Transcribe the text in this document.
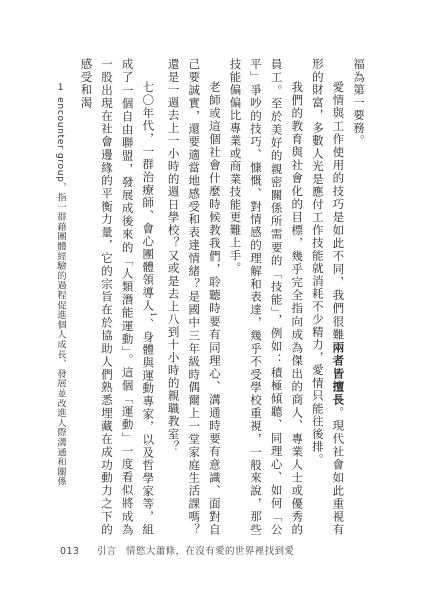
福為第一要務。

愛情與工作使用的技巧是如此不同，我們很難兩者皆擅長。現代社會如此重視有形的財富，多數人光是應付工作技能就消耗不少精力，愛情只能往後排。

我們的教育與社會化的目標，幾乎完全指向成為傑出的商人、專業人士或優秀的員工。至於美好的親密關係所需要的「技能」，例如：積極傾聽、同理心、如何「公平」爭吵的技巧、慷慨、對情感的理解和表達，幾乎不受學校重視，一般來說，那些技能偏偏比專業或商業技能更難上手。

老師或這個社會什麼時候教我們，聆聽時要有同理心、溝通時要有意識、面對自己要誠實，還要適當地感受和表達情緒？是國中三年級時偶爾上一堂家庭生活課嗎？還是一週去上一小時的週日學校？又或是去上八到十小時的親職教室？

七〇年代，一群治療師、會心團體領導人$^1$、身體與運動專家，以及哲學家等，組成了一個自由聯盟，發展成後來的「人類潛能運動」。這個「運動」一度看似將成為一股出現在社會邊緣的平衡力量，它的宗旨在於協助人們熟悉埋藏在成功動力之下的感受和渴

1 encounter group，指一群藉團體經驗的過程促進個人成長、發展並改進人際溝通和關係
013 引言 情慾大蕭條，在沒有愛的世界裡找到愛
